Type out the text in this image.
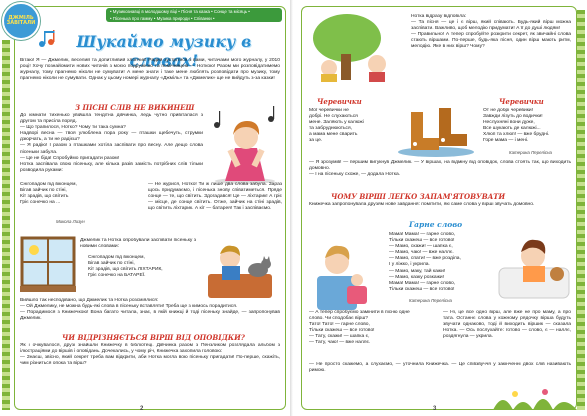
ДЖМІЛЬ
ЗАВІТАЛИ
• Музикознавці в молодшому віці • Пісня та казка • Сонце та місяць •
• Пісенька про гамму • Музика природи • Співанки •
Шукаймо музику в словах!
Вітаю! Я — Джмелик, веселий та допитливий хлопчик! Радий зустрітися з вами, читачами мого журналу, у 2010 році! Хочу познайомити нових читачів з моєю подружкою та помічницею — Ноткою! Разом ми розповідатимемо журналу, тому прагнемо ніколи не сумувати! А мене знати і таке мене люблять розповідати про музику, тому прагнемо ніколи не сумувати. Однак у цьому номері журналу «Джміль» та «Джмелик» ще не вийдуть з-за казки!
З ПІСНІ СЛІВ НЕ ВИКИНЕШ
До кімнати тихенько увійшла тендітна дівчинка, ледь чутно привіталася з другом та присіла поряд.
— Що трапилося, Нотко? Чому ти така сумна?
Надворі весна — твоя улюблена пора року — пташки щебечуть, струмки дзюрчать, а ти не радієш?
— Я радію! І разом з пташками хотіла заспівати про весну. Але дещо слова пісеньки забула.
— Це не біда! Спробуймо пригадати разом!
Нотка заспівала свою пісеньку, але кілька разів замість потрібних слів тільки розводила руками:
Снігопадом під віконцем,
Бігав зайчик по стіні,
Кіт зрадів, що світить
Гріє сонечко на ...
Микола Лизун
— Не журися, Нотко! Ти ж лише два слова забула. Зараз щось придумаємо, і пісенька знову співатиметься. Пряде сонце — те, що світить. Здогадався! Це — ліхтарик! А гріє — місце, де сонце світить. Отже, зайчик на стіні зрадів, що світить ліхтарик. А кіт — батарея! Так і заспіваємо.
Джмелик та Нотка опробували заспівати пісеньку з новими словами:
Снігопадом під віконцем,
Бігав зайчик по стіні,
Кіт зрадів, що світить ЛІХТАРИК,
Гріє сонечко на БАТАРЕЇ.
Вийшло так несподівано, що Джмелик та Нотка розсміялися:
— Ой Джмелику, не можна будь-які слова в пісеньку вставляти! Треба ще з кимось порадитися.
— Порадимося з Книжечкою! Вона багато читала, знає, в якій книжці й тоді пісеньку знайде, — запропонував Джмелик.
ЧИ ВІДРІЗНЯЄТЬСЯ ВІРШ ВІД ОПОВІДКИ?
Як і очікувалося, друзі знайшли Книжечку в бібліотеці. Дівчинка разом з Пензликом розглядала альбом з ілюстраціями до віршів і оповідань. Дочекались, у чому річ, Книжечка захопила головою:
— Знаєш, звісно, який секрет треба вам відкрити, аби Нотка могла вою пісеньку пригадати! По-перше, скажіть, чим різниться опока та вірш?
2
Нотка відразу відповіла:
— Та пісня — це і є вірш, який співають. Будь-який вірш можна заспівати. Важливо, щоб мелодію придумати! А її до душі людям!
— Правильно! А тепер спробуйте розкрити секрет, як звичайні слова стають віршами. По-перше, будь-яка пісня, один вірш мають ритм, мелодію. Яке в них вірш? Чому?
Черевички	Черевички
Мої черевички не
добрі. Не слухаються
мене. Заляють у калюжі
та забруднюються,
а мама мене сварить
за це.
От не добрі черевики!
Завжди лізуть до водички!
Неслухняні вони дуже,
Все шукають де калюжі...
Хлюп та хлюп! — вже брудні.
Горе мама — і мені.
Катерина Перелісна
— Я зрозумів! — першим вигукнув Джмелик. — У віршах, на відміну від оповідок, слова стоять так, що виходить домовно.
— І на пісеньку схоже, — додала Нотка.
ЧОМУ ВІРШІ ЛЕГКО ЗАПАМ'ЯТОВУВАТИ
Книжечка запропонувала друзям нове завдання: помітити, які саме слова у вірші звучать домовно.
Гарне слово
Мама! Мама! — гарне слово,
Тільки скажеш — все готово!
— Мамо, скажи! — шапка є,
— Мамо, чаю! — вже наллє.
— Мамо, спати! — вже розділа,
І у ліжко, і укрила.
— Мамо, маку, тай кажи!
— Мамо, казку розкажи!
Мама! Мама! — гарне слово,
Тільки скажеш — все готово!
Катерина Перелісна
— А тепер спробуємо замінити в пісню одне слово. Чи сподобає вірш?
Тато! Тато! — гарне слово,
Тільки скажеш — все готово!
— Тату, скажи! — шапка є,
— Тату, чаю! — вже наллє.
— Ні, це все одно вірш, але вже не про маму, а про тата. Останнє слова у кожному рядочку вірша будуть звучати однаково, тоді й виходить віршик — сказала Нотка. — Ось послухайте: готово — слово, є — наллє, роздягнула — укрила.
— Не просто скажемо, а слухаємо, — уточнила Книжечка. — Це співзвуччя у закінченні двох слів називають римою.
3
